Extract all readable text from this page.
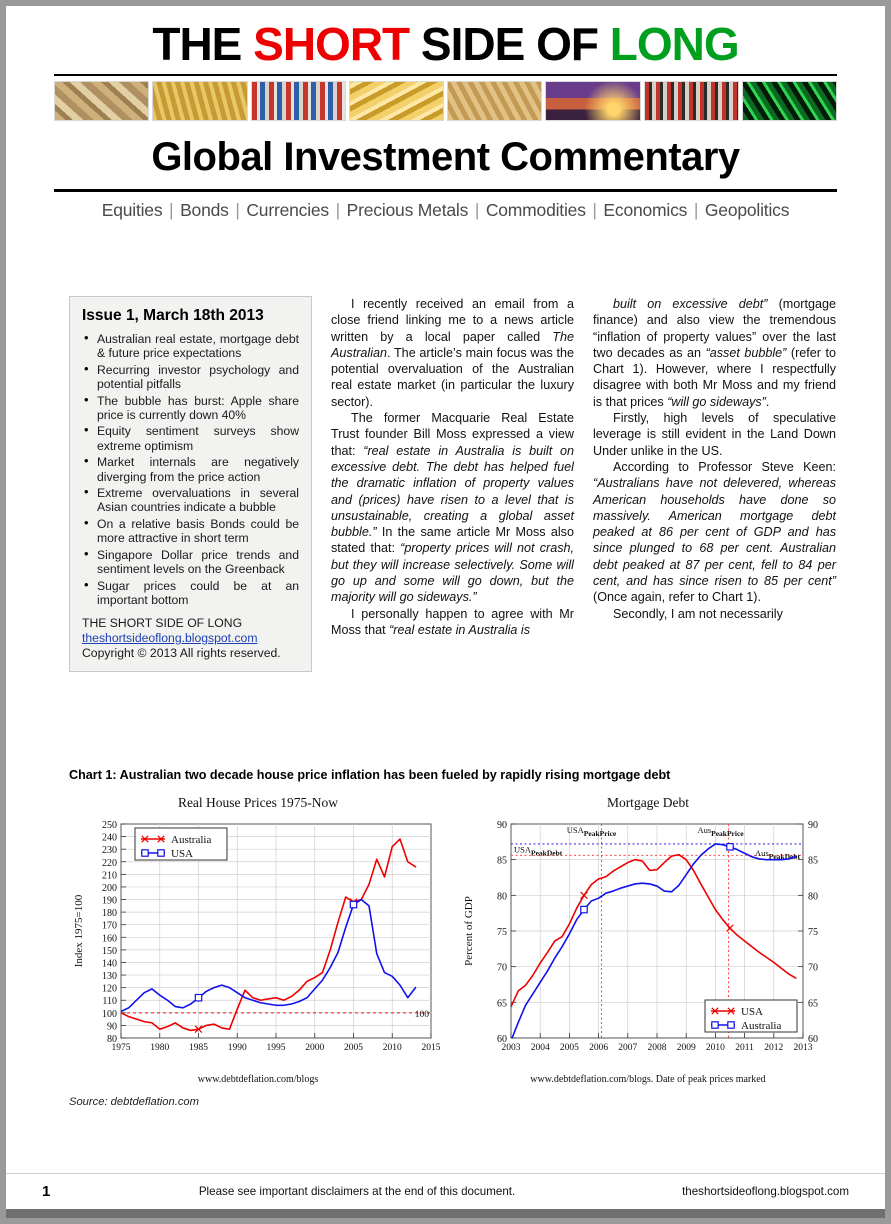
THE SHORT SIDE OF LONG
Global Investment Commentary
Equities | Bonds | Currencies | Precious Metals | Commodities | Economics | Geopolitics
Issue 1, March 18th 2013
• Australian real estate, mortgage debt & future price expectations
• Recurring investor psychology and potential pitfalls
• The bubble has burst: Apple share price is currently down 40%
• Equity sentiment surveys show extreme optimism
• Market internals are negatively diverging from the price action
• Extreme overvaluations in several Asian countries indicate a bubble
• On a relative basis Bonds could be more attractive in short term
• Singapore Dollar price trends and sentiment levels on the Greenback
• Sugar prices could be at an important bottom
THE SHORT SIDE OF LONG
theshortsideoflong.blogspot.com
Copyright © 2013 All rights reserved.

I recently received an email from a close friend linking me to a news article written by a local paper called The Australian. The article’s main focus was the potential overvaluation of the Australian real estate market (in particular the luxury sector).

The former Macquarie Real Estate Trust founder Bill Moss expressed a view that: “real estate in Australia is built on excessive debt. The debt has helped fuel the dramatic inflation of property values and (prices) have risen to a level that is unsustainable, creating a global asset bubble.” In the same article Mr Moss also stated that: “property prices will not crash, but they will increase selectively. Some will go up and some will go down, but the majority will go sideways.”

I personally happen to agree with Mr Moss that “real estate in Australia is

built on excessive debt” (mortgage finance) and also view the tremendous “inflation of property values” over the last two decades as an “asset bubble” (refer to Chart 1). However, where I respectfully disagree with both Mr Moss and my friend is that prices “will go sideways”.

Firstly, high levels of speculative leverage is still evident in the Land Down Under unlike in the US.

According to Professor Steve Keen: “Australians have not delevered, whereas American households have done so massively. American mortgage debt peaked at 86 per cent of GDP and has since plunged to 68 per cent. Australian debt peaked at 87 per cent, fell to 84 per cent, and has since risen to 85 per cent” (Once again, refer to Chart 1).

Secondly, I am not necessarily

Chart 1: Australian two decade house price inflation has been fueled by rapidly rising mortgage debt
Real House Prices 1975-Now
80
90
100
110
120
130
140
150
160
170
180
190
200
210
220
230
240
250
1975 1980 1985 1990 1995 2000 2005 2010 2015
Index 1975=100
100
Australia
USA
www.debtdeflation.com/blogs
Mortgage Debt
60	60
65	65
70	70
75	75
80	80
85	85
90	90
2003 2004 2005 2006 2007 2008 2009 2010 2011 2012 2013
Percent of GDP
USAPeakPrice	AusPeakPrice
USAPeakDebt	AusPeakDebt
USA
Australia
www.debtdeflation.com/blogs. Date of peak prices marked
Source: debtdeflation.com
1	Please see important disclaimers at the end of this document.	theshortsideoflong.blogspot.com
